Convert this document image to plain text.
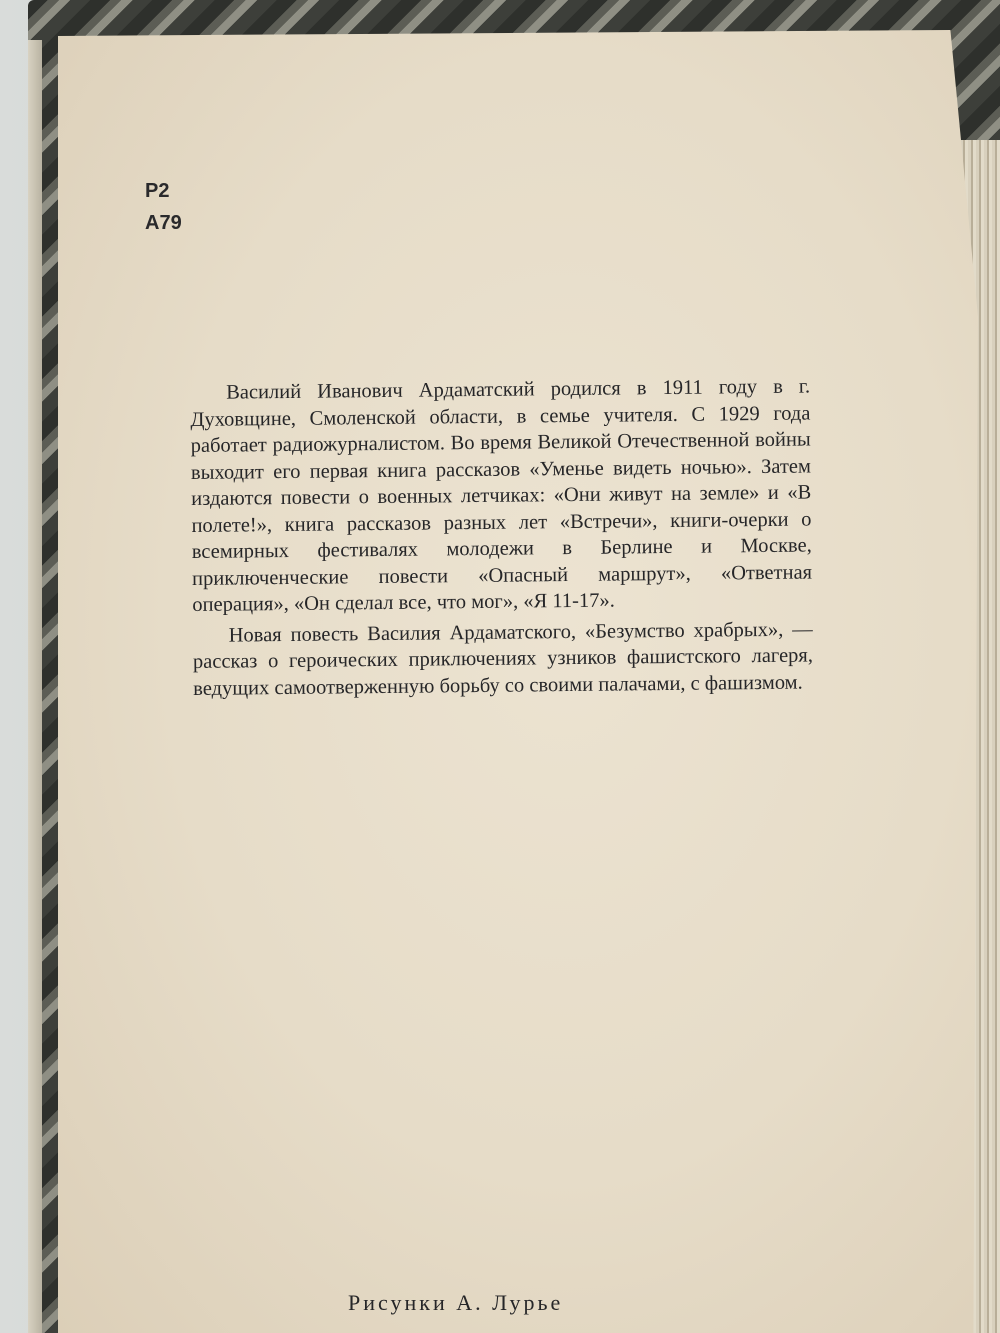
Р2
А79

Василий Иванович Ардаматский родился в 1911 году в г. Духовщине, Смоленской области, в семье учителя. С 1929 года работает радиожурналистом. Во время Великой Отечественной войны выходит его первая книга рассказов «Уменье видеть ночью». Затем издаются повести о военных летчиках: «Они живут на земле» и «В полете!», книга рассказов разных лет «Встречи», книги-очерки о всемирных фестивалях молодежи в Берлине и Москве, приключенческие повести «Опасный маршрут», «Ответная операция», «Он сделал все, что мог», «Я 11-17».

Новая повесть Василия Ардаматского, «Безумство храбрых», — рассказ о героических приключениях узников фашистского лагеря, ведущих самоотверженную борьбу со своими палачами, с фашизмом.

Рисунки А. Лурье
